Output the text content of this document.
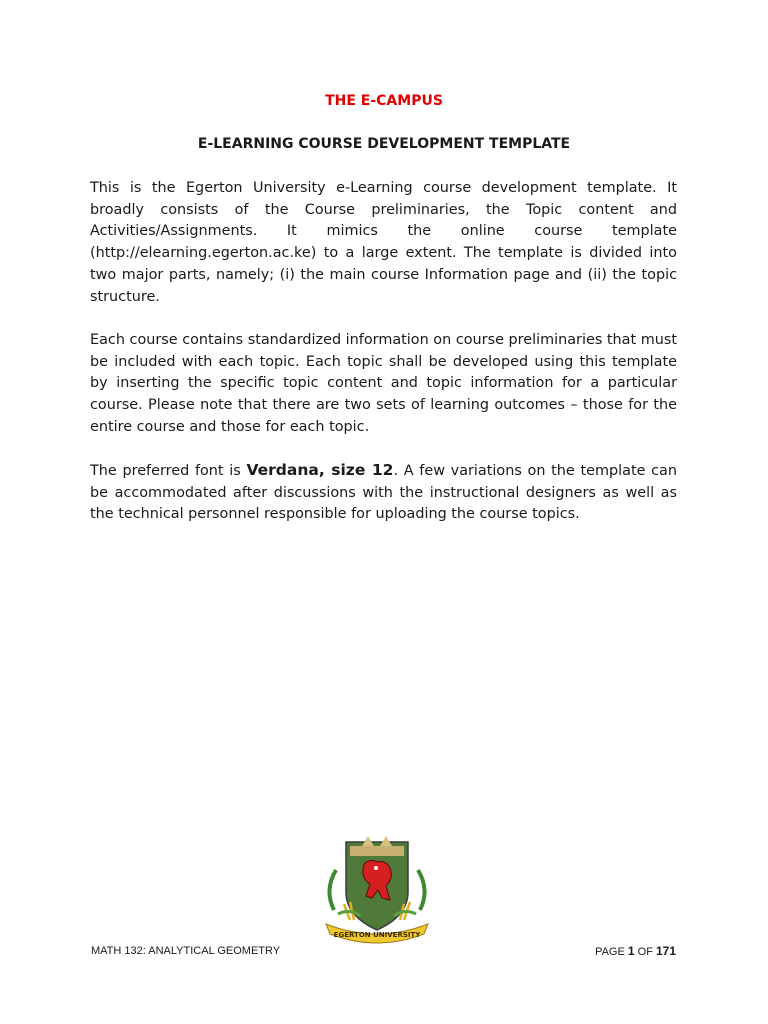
THE E-CAMPUS
E-LEARNING COURSE DEVELOPMENT TEMPLATE

This is the Egerton University e-Learning course development template. It broadly consists of the Course preliminaries, the Topic content and Activities/Assignments. It mimics the online course template (http://elearning.egerton.ac.ke) to a large extent. The template is divided into two major parts, namely; (i) the main course Information page and (ii) the topic structure.

Each course contains standardized information on course preliminaries that must be included with each topic. Each topic shall be developed using this template by inserting the specific topic content and topic information for a particular course. Please note that there are two sets of learning outcomes – those for the entire course and those for each topic.

The preferred font is Verdana, size 12. A few variations on the template can be accommodated after discussions with the instructional designers as well as the technical personnel responsible for uploading the course topics.

EGERTON UNIVERSITY
MATH 132: ANALYTICAL GEOMETRY	PAGE 1 OF 171
